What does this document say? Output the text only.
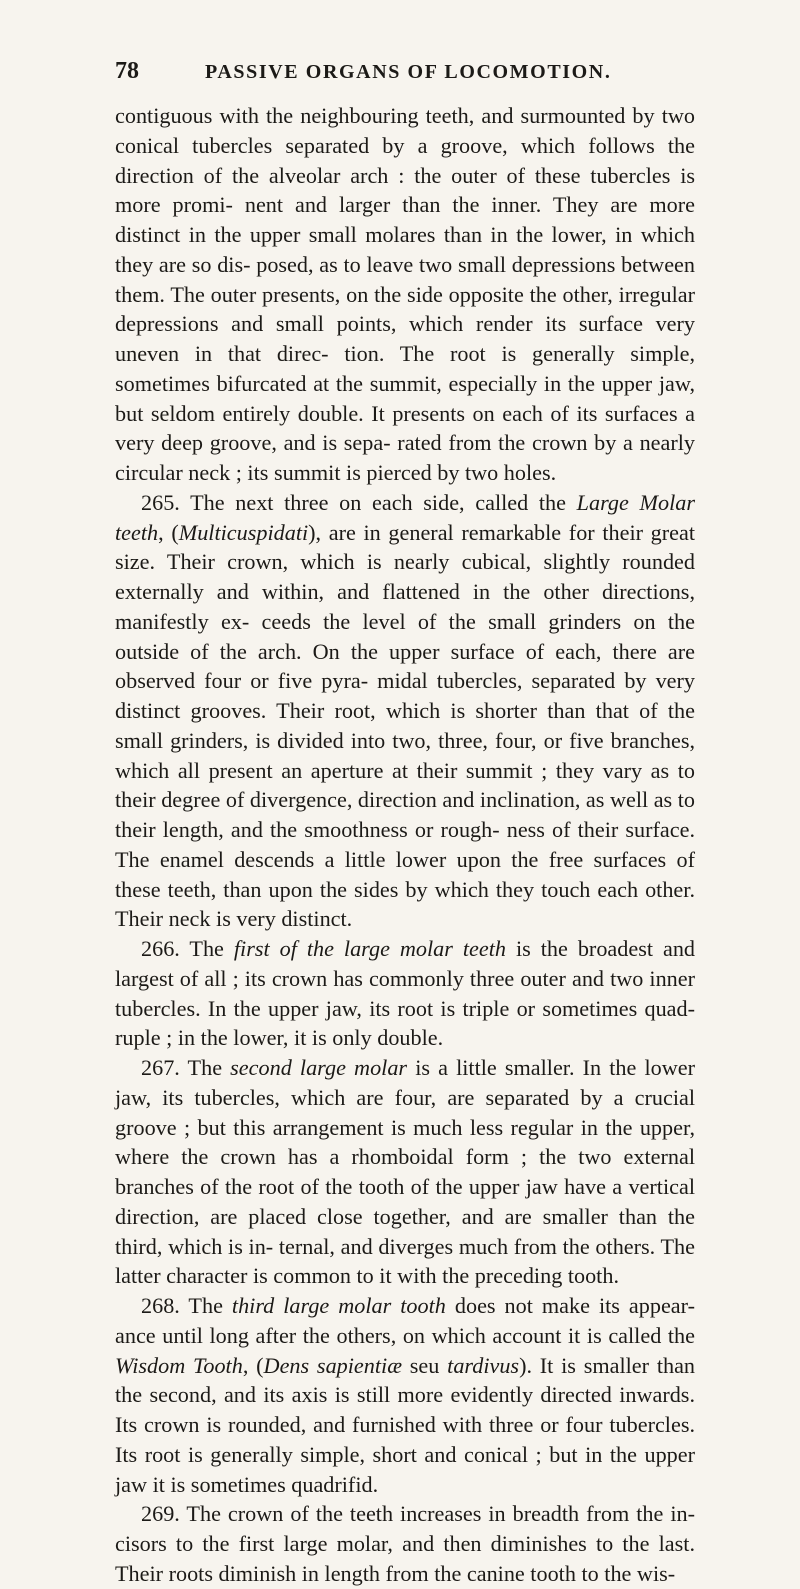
78	PASSIVE ORGANS OF LOCOMOTION.

contiguous with the neighbouring teeth, and surmounted by two conical tubercles separated by a groove, which follows the direction of the alveolar arch : the outer of these tubercles is more promi- nent and larger than the inner. They are more distinct in the upper small molares than in the lower, in which they are so dis- posed, as to leave two small depressions between them. The outer presents, on the side opposite the other, irregular depressions and small points, which render its surface very uneven in that direc- tion. The root is generally simple, sometimes bifurcated at the summit, especially in the upper jaw, but seldom entirely double. It presents on each of its surfaces a very deep groove, and is sepa- rated from the crown by a nearly circular neck ; its summit is pierced by two holes.

265. The next three on each side, called the Large Molar teeth, (Multicuspidati), are in general remarkable for their great size. Their crown, which is nearly cubical, slightly rounded externally and within, and flattened in the other directions, manifestly ex- ceeds the level of the small grinders on the outside of the arch. On the upper surface of each, there are observed four or five pyra- midal tubercles, separated by very distinct grooves. Their root, which is shorter than that of the small grinders, is divided into two, three, four, or five branches, which all present an aperture at their summit ; they vary as to their degree of divergence, direction and inclination, as well as to their length, and the smoothness or rough- ness of their surface. The enamel descends a little lower upon the free surfaces of these teeth, than upon the sides by which they touch each other. Their neck is very distinct.

266. The first of the large molar teeth is the broadest and largest of all ; its crown has commonly three outer and two inner tubercles. In the upper jaw, its root is triple or sometimes quad- ruple ; in the lower, it is only double.

267. The second large molar is a little smaller. In the lower jaw, its tubercles, which are four, are separated by a crucial groove ; but this arrangement is much less regular in the upper, where the crown has a rhomboidal form ; the two external branches of the root of the tooth of the upper jaw have a vertical direction, are placed close together, and are smaller than the third, which is in- ternal, and diverges much from the others. The latter character is common to it with the preceding tooth.

268. The third large molar tooth does not make its appear- ance until long after the others, on which account it is called the Wisdom Tooth, (Dens sapientiæ seu tardivus). It is smaller than the second, and its axis is still more evidently directed inwards. Its crown is rounded, and furnished with three or four tubercles. Its root is generally simple, short and conical ; but in the upper jaw it is sometimes quadrifid.

269. The crown of the teeth increases in breadth from the in- cisors to the first large molar, and then diminishes to the last. Their roots diminish in length from the canine tooth to the wis-
